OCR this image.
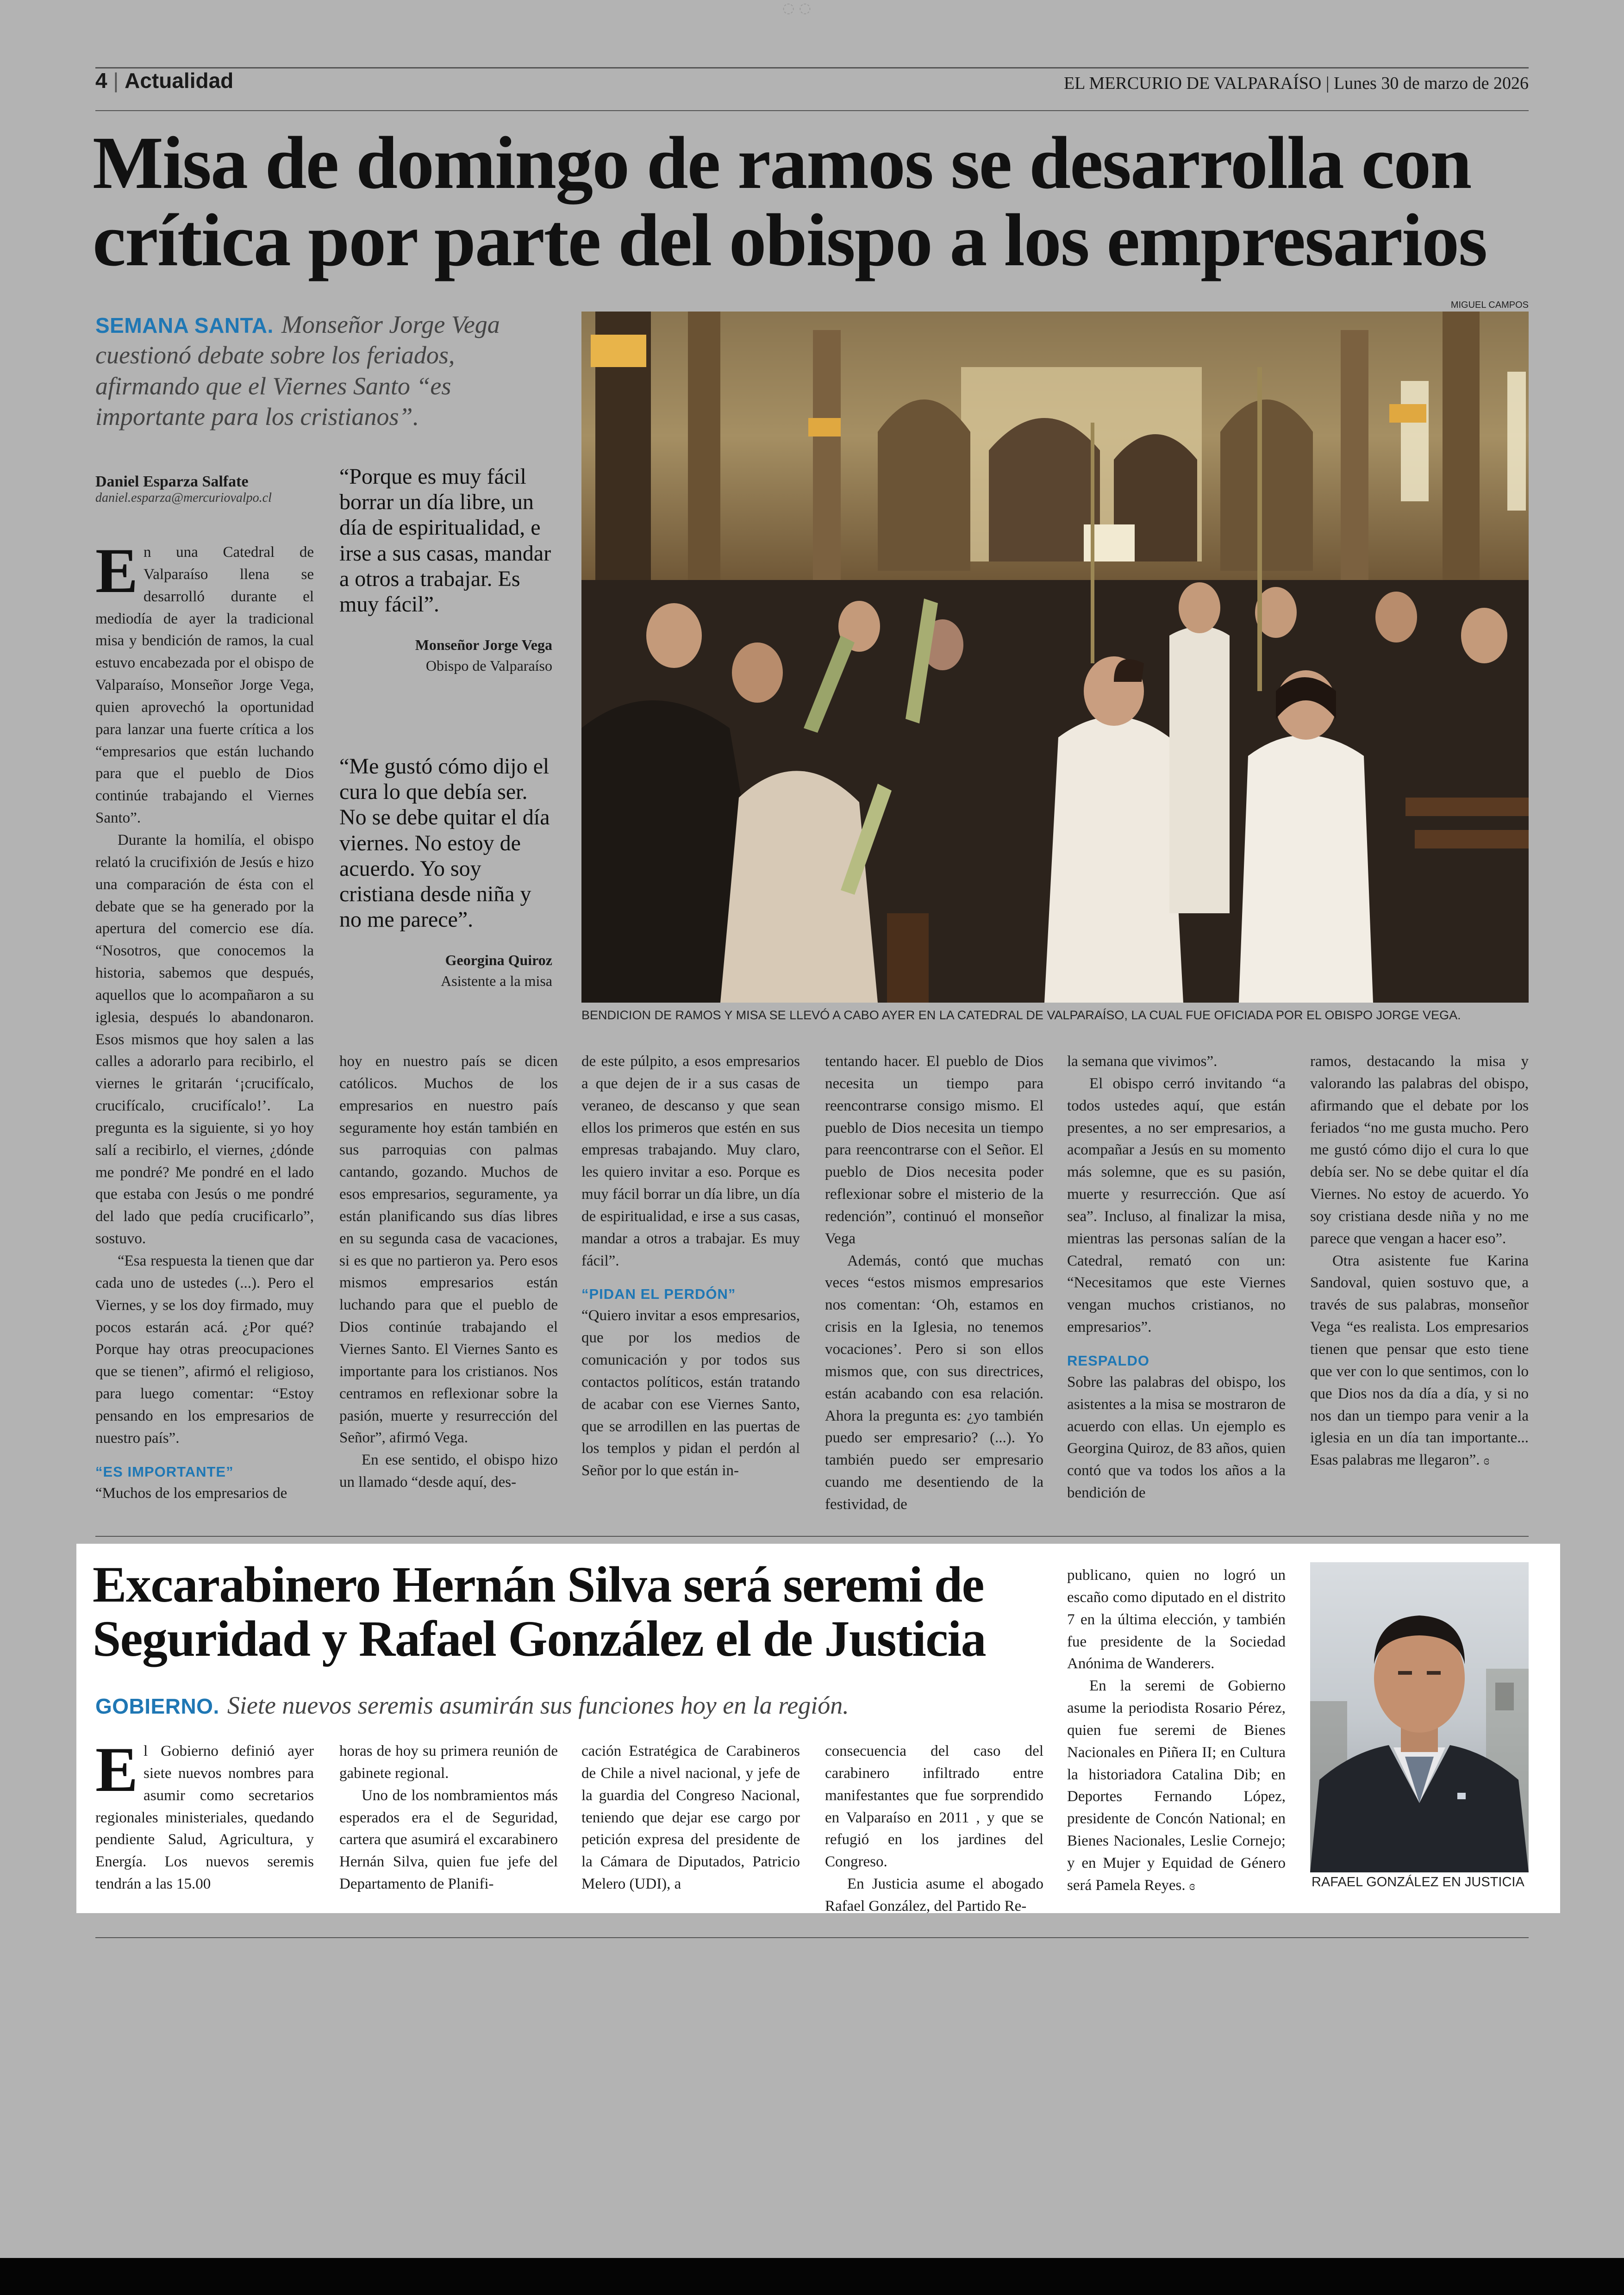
◌ ◌
4 | Actualidad	EL MERCURIO DE VALPARAÍSO | Lunes 30 de marzo de 2026
Misa de domingo de ramos se desarrolla con
crítica por parte del obispo a los empresarios
SEMANA SANTA. Monseñor Jorge Vega cuestionó debate sobre los feriados, afirmando que el Viernes Santo “es importante para los cristianos”.
Daniel Esparza Salfate
daniel.esparza@mercuriovalpo.cl
MIGUEL CAMPOS
BENDICION DE RAMOS Y MISA SE LLEVÓ A CABO AYER EN LA CATEDRAL DE VALPARAÍSO, LA CUAL FUE OFICIADA POR EL OBISPO JORGE VEGA.
“Porque es muy fácil borrar un día libre, un día de espiritualidad, e irse a sus casas, mandar a otros a trabajar. Es muy fácil”.
Monseñor Jorge Vega
Obispo de Valparaíso
“Me gustó cómo dijo el cura lo que debía ser. No se debe quitar el día viernes. No estoy de acuerdo. Yo soy cristiana desde niña y no me parece”.
Georgina Quiroz
Asistente a la misa

En una Catedral de Valparaíso llena se desarrolló durante el mediodía de ayer la tradicional misa y bendición de ramos, la cual estuvo encabezada por el obispo de Valparaíso, Monseñor Jorge Vega, quien aprovechó la oportunidad para lanzar una fuerte crítica a los “empresarios que están luchando para que el pueblo de Dios continúe trabajando el Viernes Santo”.

Durante la homilía, el obispo relató la crucifixión de Jesús e hizo una comparación de ésta con el debate que se ha generado por la apertura del comercio ese día. “Nosotros, que conocemos la historia, sabemos que después, aquellos que lo acompañaron a su iglesia, después lo abandonaron. Esos mismos que hoy salen a las calles a adorarlo para recibirlo, el viernes le gritarán ‘¡crucifícalo, crucifícalo, crucifícalo!’. La pregunta es la siguiente, si yo hoy salí a recibirlo, el viernes, ¿dónde me pondré? Me pondré en el lado que estaba con Jesús o me pondré del lado que pedía crucificarlo”, sostuvo.

“Esa respuesta la tienen que dar cada uno de ustedes (...). Pero el Viernes, y se los doy firmado, muy pocos estarán acá. ¿Por qué? Porque hay otras preocupaciones que se tienen”, afirmó el religioso, para luego comentar: “Estoy pensando en los empresarios de nuestro país”.

“ES IMPORTANTE”

“Muchos de los empresarios de

hoy en nuestro país se dicen católicos. Muchos de los empresarios en nuestro país seguramente hoy están también en sus parroquias con palmas cantando, gozando. Muchos de esos empresarios, seguramente, ya están planificando sus días libres en su segunda casa de vacaciones, si es que no partieron ya. Pero esos mismos empresarios están luchando para que el pueblo de Dios continúe trabajando el Viernes Santo. El Viernes Santo es importante para los cristianos. Nos centramos en reflexionar sobre la pasión, muerte y resurrección del Señor”, afirmó Vega.

En ese sentido, el obispo hizo un llamado “desde aquí, des-

de este púlpito, a esos empresarios a que dejen de ir a sus casas de veraneo, de descanso y que sean ellos los primeros que estén en sus empresas trabajando. Muy claro, les quiero invitar a eso. Porque es muy fácil borrar un día libre, un día de espiritualidad, e irse a sus casas, mandar a otros a trabajar. Es muy fácil”.

“PIDAN EL PERDÓN”

“Quiero invitar a esos empresarios, que por los medios de comunicación y por todos sus contactos políticos, están tratando de acabar con ese Viernes Santo, que se arrodillen en las puertas de los templos y pidan el perdón al Señor por lo que están in-

tentando hacer. El pueblo de Dios necesita un tiempo para reencontrarse consigo mismo. El pueblo de Dios necesita un tiempo para reencontrarse con el Señor. El pueblo de Dios necesita poder reflexionar sobre el misterio de la redención”, continuó el monseñor Vega

Además, contó que muchas veces “estos mismos empresarios nos comentan: ‘Oh, estamos en crisis en la Iglesia, no tenemos vocaciones’. Pero si son ellos mismos que, con sus directrices, están acabando con esa relación. Ahora la pregunta es: ¿yo también puedo ser empresario? (...). Yo también puedo ser empresario cuando me desentiendo de la festividad, de

la semana que vivimos”.

El obispo cerró invitando “a todos ustedes aquí, que están presentes, a no ser empresarios, a acompañar a Jesús en su momento más solemne, que es su pasión, muerte y resurrección. Que así sea”. Incluso, al finalizar la misa, mientras las personas salían de la Catedral, remató con un: “Necesitamos que este Viernes vengan muchos cristianos, no empresarios”.

RESPALDO

Sobre las palabras del obispo, los asistentes a la misa se mostraron de acuerdo con ellas. Un ejemplo es Georgina Quiroz, de 83 años, quien contó que va todos los años a la bendición de

ramos, destacando la misa y valorando las palabras del obispo, afirmando que el debate por los feriados “no me gusta mucho. Pero me gustó cómo dijo el cura lo que debía ser. No se debe quitar el día Viernes. No estoy de acuerdo. Yo soy cristiana desde niña y no me parece que vengan a hacer eso”.

Otra asistente fue Karina Sandoval, quien sostuvo que, a través de sus palabras, monseñor Vega “es realista. Los empresarios tienen que pensar que esto tiene que ver con lo que sentimos, con lo que Dios nos da día a día, y si no nos dan un tiempo para venir a la iglesia en un día tan importante... Esas palabras me llegaron”. ɞ

Excarabinero Hernán Silva será seremi de
Seguridad y Rafael González el de Justicia
GOBIERNO. Siete nuevos seremis asumirán sus funciones hoy en la región.

El Gobierno definió ayer siete nuevos nombres para asumir como secretarios regionales ministeriales, quedando pendiente Salud, Agricultura, y Energía. Los nuevos seremis tendrán a las 15.00

horas de hoy su primera reunión de gabinete regional.

Uno de los nombramientos más esperados era el de Seguridad, cartera que asumirá el excarabinero Hernán Silva, quien fue jefe del Departamento de Planifi-

cación Estratégica de Carabineros de Chile a nivel nacional, y jefe de la guardia del Congreso Nacional, teniendo que dejar ese cargo por petición expresa del presidente de la Cámara de Diputados, Patricio Melero (UDI), a

consecuencia del caso del carabinero infiltrado entre manifestantes que fue sorprendido en Valparaíso en 2011 , y que se refugió en los jardines del Congreso.

En Justicia asume el abogado Rafael González, del Partido Re-

publicano, quien no logró un escaño como diputado en el distrito 7 en la última elección, y también fue presidente de la Sociedad Anónima de Wanderers.

En la seremi de Gobierno asume la periodista Rosario Pérez, quien fue seremi de Bienes Nacionales en Piñera II; en Cultura la historiadora Catalina Dib; en Deportes Fernando López, presidente de Concón National; en Bienes Nacionales, Leslie Cornejo; y en Mujer y Equidad de Género será Pamela Reyes. ɞ	RAFAEL GONZÁLEZ EN JUSTICIA
